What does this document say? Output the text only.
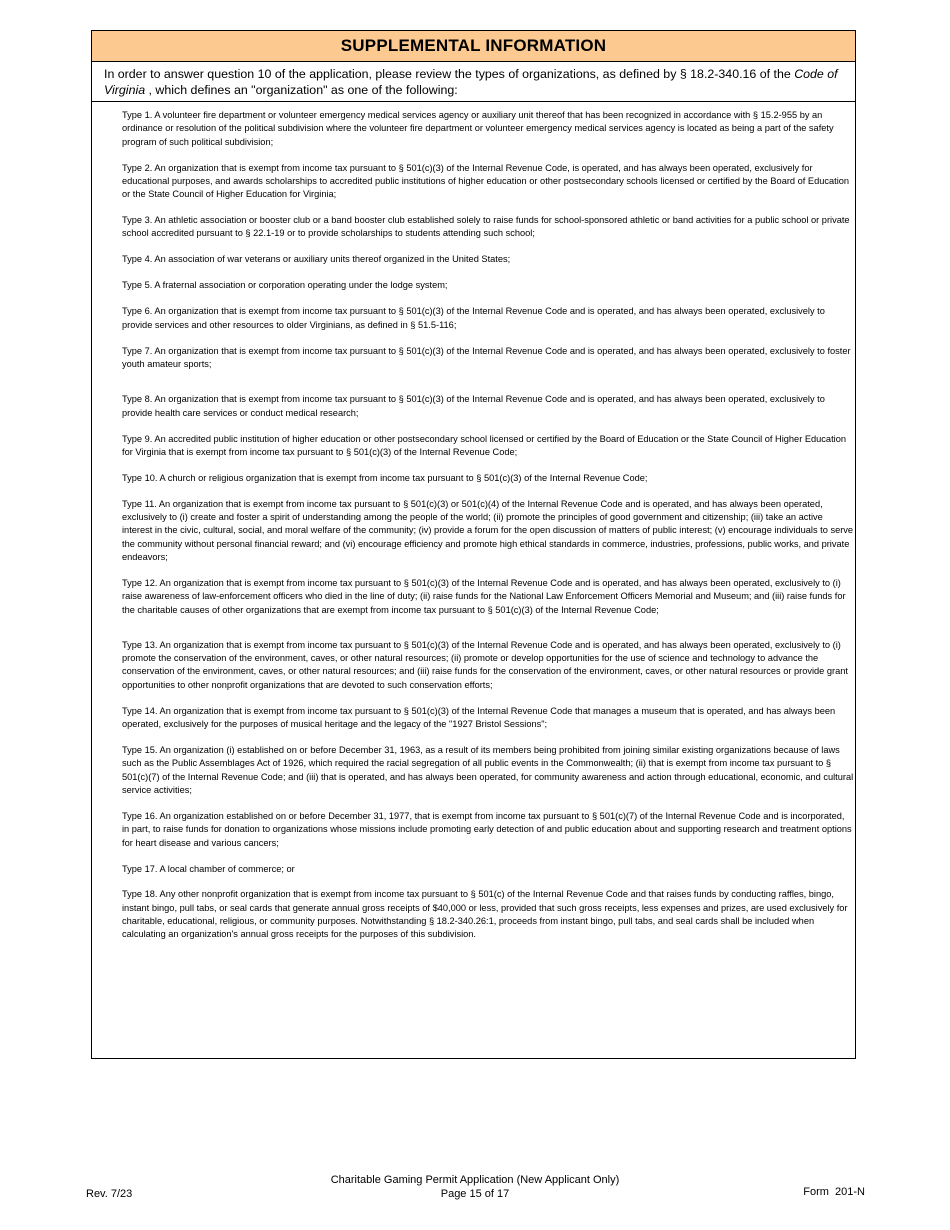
SUPPLEMENTAL INFORMATION
In order to answer question 10 of the application, please review the types of organizations, as defined by § 18.2-340.16 of the Code of Virginia , which defines an "organization" as one of the following:

Type 1. A volunteer fire department or volunteer emergency medical services agency or auxiliary unit thereof that has been recognized in accordance with § 15.2-955 by an ordinance or resolution of the political subdivision where the volunteer fire department or volunteer emergency medical services agency is located as being a part of the safety program of such political subdivision;

Type 2. An organization that is exempt from income tax pursuant to § 501(c)(3) of the Internal Revenue Code, is operated, and has always been operated, exclusively for educational purposes, and awards scholarships to accredited public institutions of higher education or other postsecondary schools licensed or certified by the Board of Education or the State Council of Higher Education for Virginia;

Type 3. An athletic association or booster club or a band booster club established solely to raise funds for school-sponsored athletic or band activities for a public school or private school accredited pursuant to § 22.1-19 or to provide scholarships to students attending such school;

Type 4. An association of war veterans or auxiliary units thereof organized in the United States;

Type 5. A fraternal association or corporation operating under the lodge system;

Type 6. An organization that is exempt from income tax pursuant to § 501(c)(3) of the Internal Revenue Code and is operated, and has always been operated, exclusively to provide services and other resources to older Virginians, as defined in § 51.5-116;

Type 7. An organization that is exempt from income tax pursuant to § 501(c)(3) of the Internal Revenue Code and is operated, and has always been operated, exclusively to foster youth amateur sports;

Type 8. An organization that is exempt from income tax pursuant to § 501(c)(3) of the Internal Revenue Code and is operated, and has always been operated, exclusively to provide health care services or conduct medical research;

Type 9. An accredited public institution of higher education or other postsecondary school licensed or certified by the Board of Education or the State Council of Higher Education for Virginia that is exempt from income tax pursuant to § 501(c)(3) of the Internal Revenue Code;

Type 10. A church or religious organization that is exempt from income tax pursuant to § 501(c)(3) of the Internal Revenue Code;

Type 11. An organization that is exempt from income tax pursuant to § 501(c)(3) or 501(c)(4) of the Internal Revenue Code and is operated, and has always been operated, exclusively to (i) create and foster a spirit of understanding among the people of the world; (ii) promote the principles of good government and citizenship; (iii) take an active interest in the civic, cultural, social, and moral welfare of the community; (iv) provide a forum for the open discussion of matters of public interest; (v) encourage individuals to serve the community without personal financial reward; and (vi) encourage efficiency and promote high ethical standards in commerce, industries, professions, public works, and private endeavors;

Type 12. An organization that is exempt from income tax pursuant to § 501(c)(3) of the Internal Revenue Code and is operated, and has always been operated, exclusively to (i) raise awareness of law-enforcement officers who died in the line of duty; (ii) raise funds for the National Law Enforcement Officers Memorial and Museum; and (iii) raise funds for the charitable causes of other organizations that are exempt from income tax pursuant to § 501(c)(3) of the Internal Revenue Code;

Type 13. An organization that is exempt from income tax pursuant to § 501(c)(3) of the Internal Revenue Code and is operated, and has always been operated, exclusively to (i) promote the conservation of the environment, caves, or other natural resources; (ii) promote or develop opportunities for the use of science and technology to advance the conservation of the environment, caves, or other natural resources; and (iii) raise funds for the conservation of the environment, caves, or other natural resources or provide grant opportunities to other nonprofit organizations that are devoted to such conservation efforts;

Type 14. An organization that is exempt from income tax pursuant to § 501(c)(3) of the Internal Revenue Code that manages a museum that is operated, and has always been operated, exclusively for the purposes of musical heritage and the legacy of the "1927 Bristol Sessions";

Type 15. An organization (i) established on or before December 31, 1963, as a result of its members being prohibited from joining similar existing organizations because of laws such as the Public Assemblages Act of 1926, which required the racial segregation of all public events in the Commonwealth; (ii) that is exempt from income tax pursuant to § 501(c)(7) of the Internal Revenue Code; and (iii) that is operated, and has always been operated, for community awareness and action through educational, economic, and cultural service activities;

Type 16. An organization established on or before December 31, 1977, that is exempt from income tax pursuant to § 501(c)(7) of the Internal Revenue Code and is incorporated, in part, to raise funds for donation to organizations whose missions include promoting early detection of and public education about and supporting research and treatment options for heart disease and various cancers;

Type 17. A local chamber of commerce; or

Type 18. Any other nonprofit organization that is exempt from income tax pursuant to § 501(c) of the Internal Revenue Code and that raises funds by conducting raffles, bingo, instant bingo, pull tabs, or seal cards that generate annual gross receipts of $40,000 or less, provided that such gross receipts, less expenses and prizes, are used exclusively for charitable, educational, religious, or community purposes. Notwithstanding § 18.2-340.26:1, proceeds from instant bingo, pull tabs, and seal cards shall be included when calculating an organization's annual gross receipts for the purposes of this subdivision.

Charitable Gaming Permit Application (New Applicant Only)
Page 15 of 17
Rev. 7/23	Form  201-N
